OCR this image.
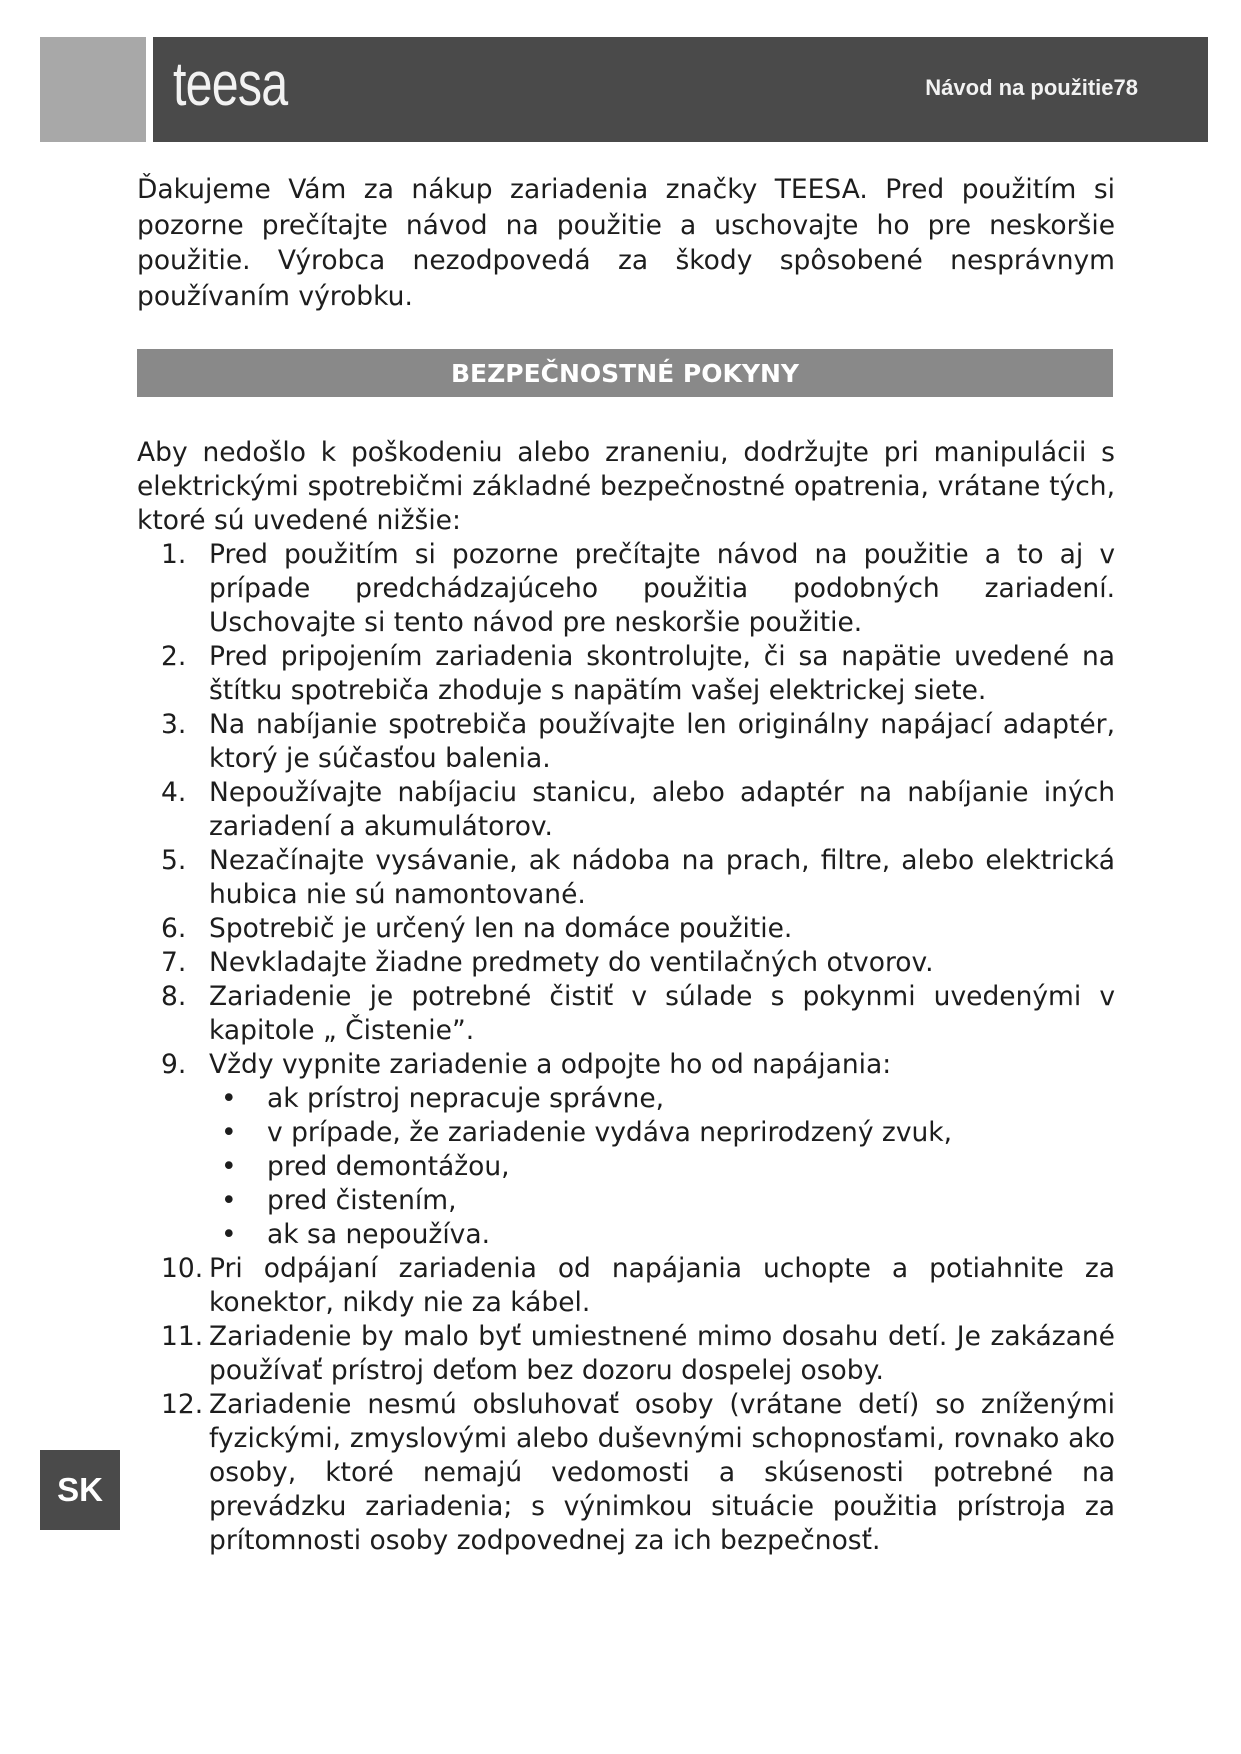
teesa	Návod na použitie78

Ďakujeme Vám za nákup zariadenia značky TEESA. Pred použitím si pozorne prečítajte návod na použitie a uschovajte ho pre neskoršie použitie. Výrobca nezodpovedá za škody spôsobené nesprávnym používaním výrobku.

BEZPEČNOSTNÉ POKYNY

Aby nedošlo k poškodeniu alebo zraneniu, dodržujte pri manipulácii s elektrickými spotrebičmi základné bezpečnostné opatrenia, vrátane tých, ktoré sú uvedené nižšie:

1. Pred použitím si pozorne prečítajte návod na použitie a to aj v prípade predchádzajúceho použitia podobných zariadení. Uschovajte si tento návod pre neskoršie použitie.
2. Pred pripojením zariadenia skontrolujte, či sa napätie uvedené na štítku spotrebiča zhoduje s napätím vašej elektrickej siete.
3. Na nabíjanie spotrebiča používajte len originálny napájací adaptér, ktorý je súčasťou balenia.
4. Nepoužívajte nabíjaciu stanicu, alebo adaptér na nabíjanie iných zariadení a akumulátorov.
5. Nezačínajte vysávanie, ak nádoba na prach, filtre, alebo elektrická hubica nie sú namontované.
6. Spotrebič je určený len na domáce použitie.
7. Nevkladajte žiadne predmety do ventilačných otvorov.
8. Zariadenie je potrebné čistiť v súlade s pokynmi uvedenými v kapitole „ Čistenie”.
9. Vždy vypnite zariadenie a odpojte ho od napájania:
• ak prístroj nepracuje správne,
• v prípade, že zariadenie vydáva neprirodzený zvuk,
• pred demontážou,
• pred čistením,
• ak sa nepoužíva.
10. Pri odpájaní zariadenia od napájania uchopte a potiahnite za konektor, nikdy nie za kábel.
11. Zariadenie by malo byť umiestnené mimo dosahu detí. Je zakázané používať prístroj deťom bez dozoru dospelej osoby.
12. Zariadenie nesmú obsluhovať osoby (vrátane detí) so zníženými fyzickými, zmyslovými alebo duševnými schopnosťami, rovnako ako osoby, ktoré nemajú vedomosti a skúsenosti potrebné na prevádzku zariadenia; s výnimkou situácie použitia prístroja za prítomnosti osoby zodpovednej za ich bezpečnosť.
SK
